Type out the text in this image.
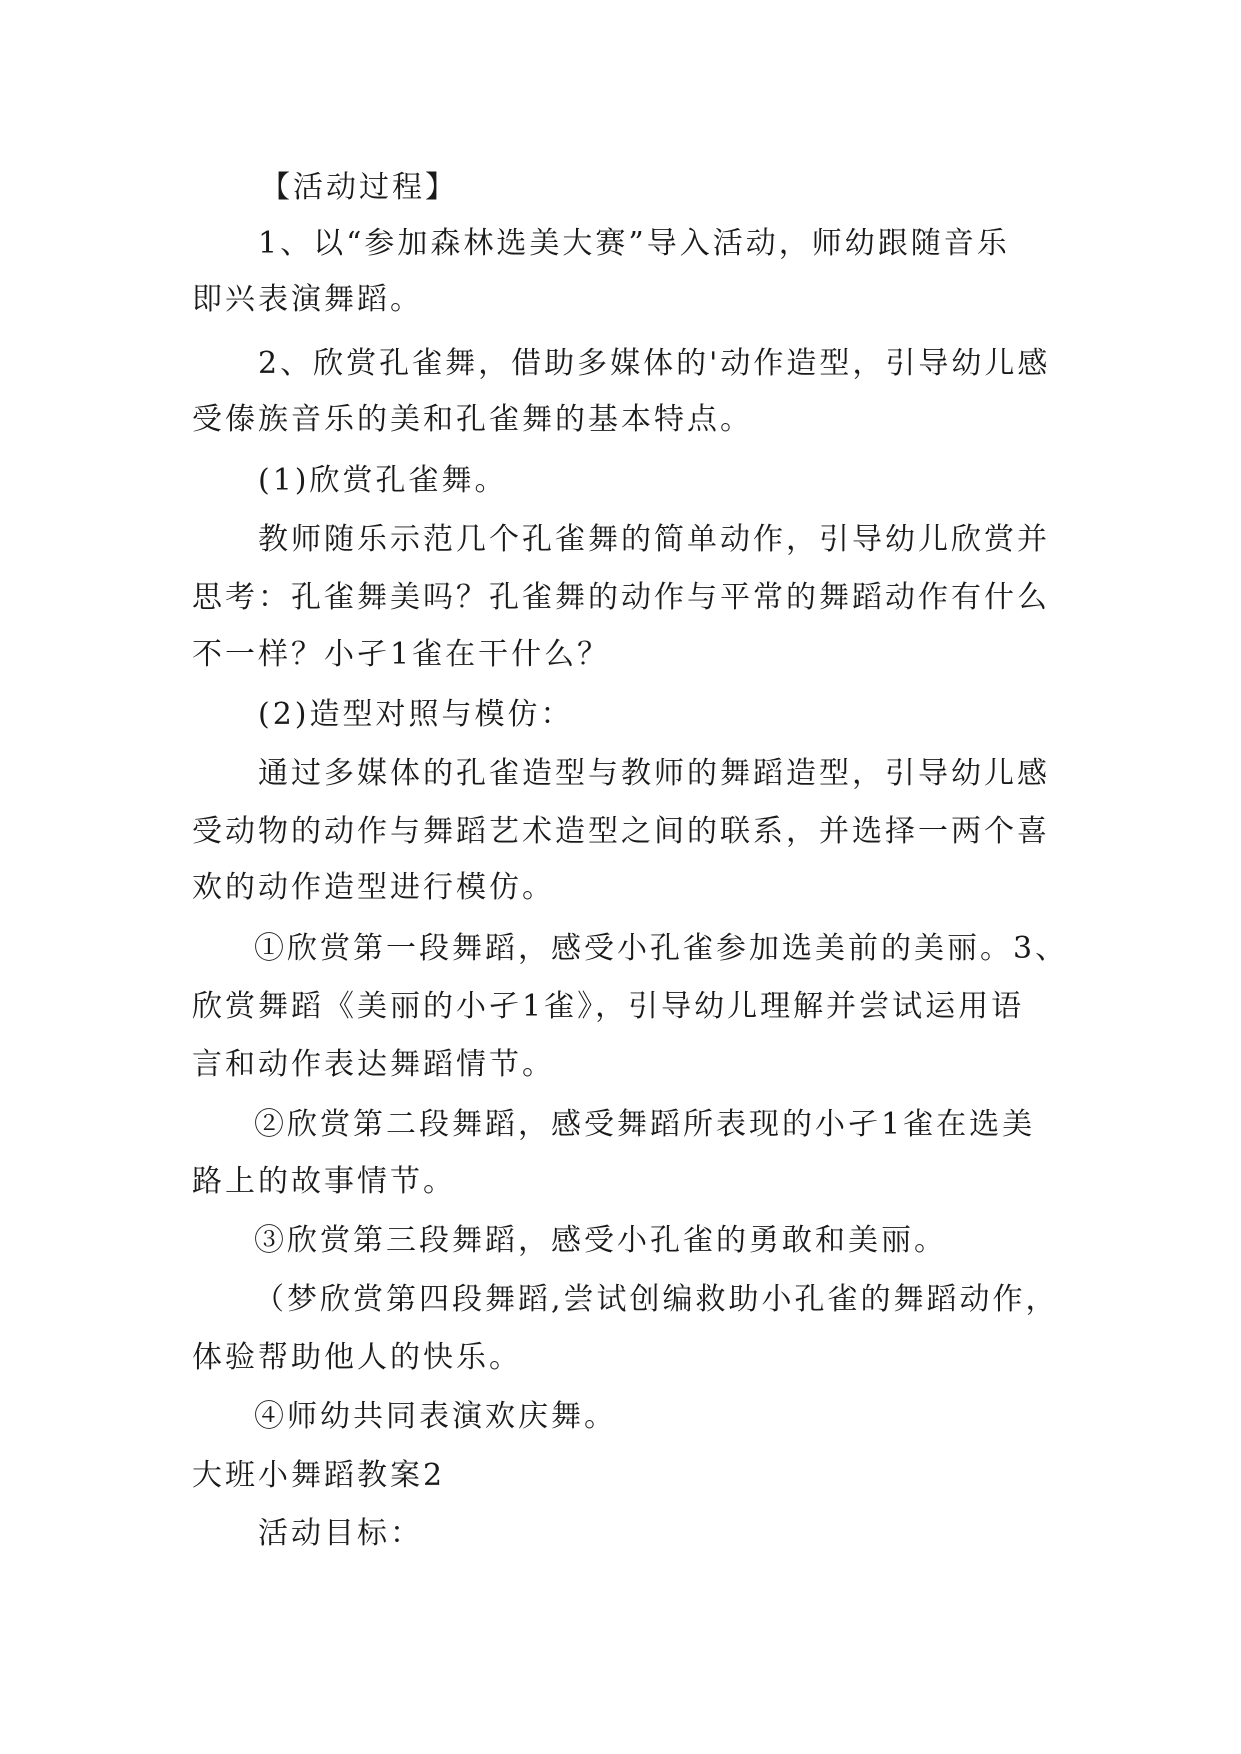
【活动过程】

1、以“参加森林选美大赛”导入活动，师幼跟随音乐

即兴表演舞蹈。

2、欣赏孔雀舞，借助多媒体的'动作造型，引导幼儿感

受傣族音乐的美和孔雀舞的基本特点。

(1)欣赏孔雀舞。

教师随乐示范几个孔雀舞的简单动作，引导幼儿欣赏并

思考：孔雀舞美吗？孔雀舞的动作与平常的舞蹈动作有什么

不一样？小孑1雀在干什么？

(2)造型对照与模仿：

通过多媒体的孔雀造型与教师的舞蹈造型，引导幼儿感

受动物的动作与舞蹈艺术造型之间的联系，并选择一两个喜

欢的动作造型进行模仿。

①欣赏第一段舞蹈，感受小孔雀参加选美前的美丽。3、

欣赏舞蹈《美丽的小孑1雀》，引导幼儿理解并尝试运用语

言和动作表达舞蹈情节。

②欣赏第二段舞蹈，感受舞蹈所表现的小孑1雀在选美

路上的故事情节。

③欣赏第三段舞蹈，感受小孔雀的勇敢和美丽。

（梦欣赏第四段舞蹈,尝试创编救助小孔雀的舞蹈动作，

体验帮助他人的快乐。

④师幼共同表演欢庆舞。

大班小舞蹈教案2

活动目标：
